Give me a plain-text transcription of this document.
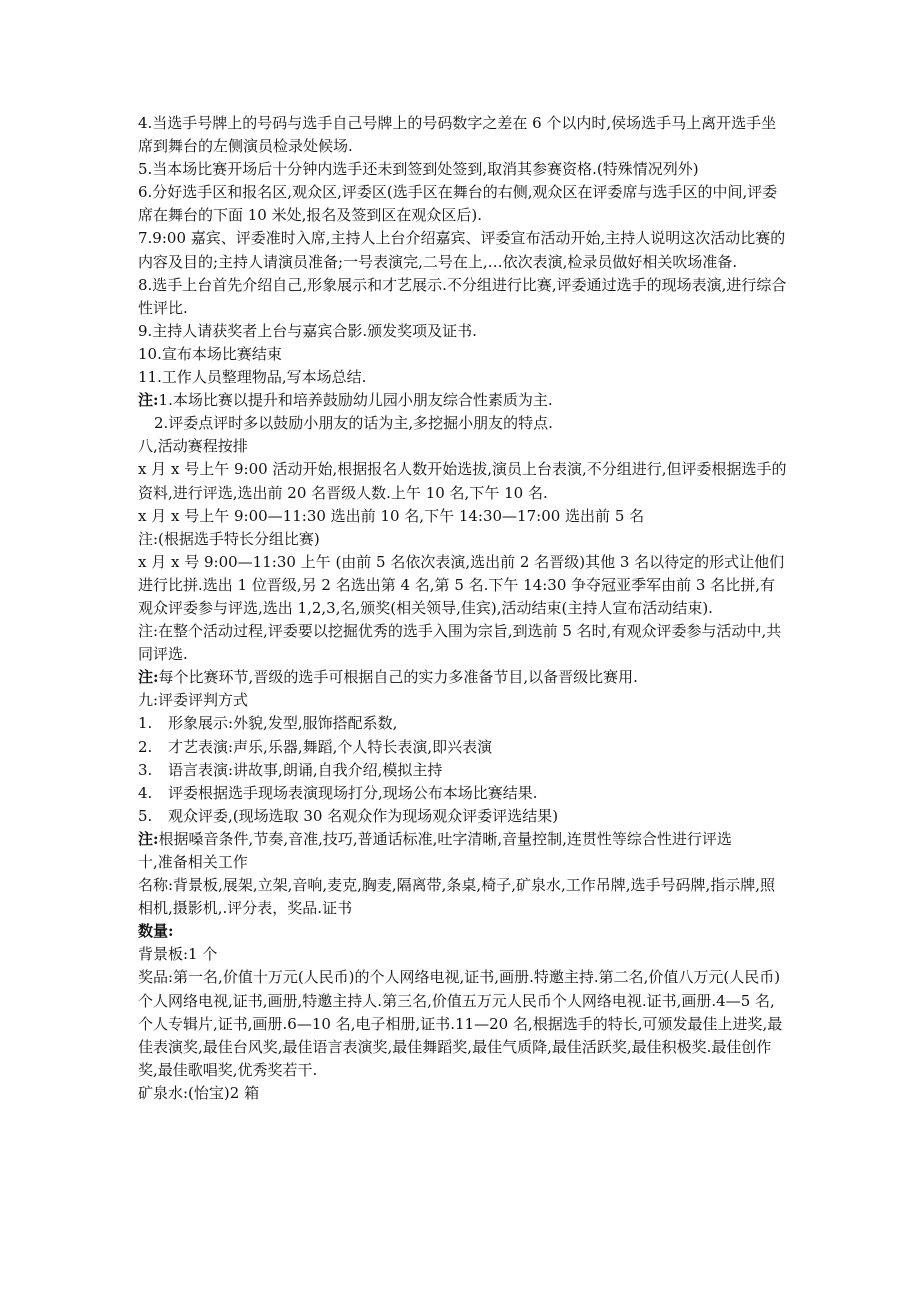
4.当选手号牌上的号码与选手自己号牌上的号码数字之差在 6 个以内时,侯场选手马上离开选手坐席到舞台的左侧演员检录处候场.

5.当本场比赛开场后十分钟内选手还未到签到处签到,取消其参赛资格.(特殊情况列外)

6.分好选手区和报名区,观众区,评委区(选手区在舞台的右侧,观众区在评委席与选手区的中间,评委席在舞台的下面 10 米处,报名及签到区在观众区后).

7.9:00 嘉宾、评委准时入席,主持人上台介绍嘉宾、评委宣布活动开始,主持人说明这次活动比赛的内容及目的;主持人请演员准备;一号表演完,二号在上,…依次表演,检录员做好相关吹场准备.

8.选手上台首先介绍自己,形象展示和才艺展示.不分组进行比赛,评委通过选手的现场表演,进行综合性评比.

9.主持人请获奖者上台与嘉宾合影.颁发奖项及证书.

10.宣布本场比赛结束

11.工作人员整理物品,写本场总结.

注:1.本场比赛以提升和培养鼓励幼儿园小朋友综合性素质为主.

2.评委点评时多以鼓励小朋友的话为主,多挖掘小朋友的特点.

八,活动赛程按排

x 月 x 号上午 9:00 活动开始,根据报名人数开始选拔,演员上台表演,不分组进行,但评委根据选手的资料,进行评选,选出前 20 名晋级人数.上午 10 名,下午 10 名.

x 月 x 号上午 9:00—11:30 选出前 10 名,下午 14:30—17:00 选出前 5 名

注:(根据选手特长分组比赛)

x 月 x 号 9:00—11:30 上午 (由前 5 名依次表演,选出前 2 名晋级)其他 3 名以待定的形式让他们进行比拼.选出 1 位晋级,另 2 名选出第 4 名,第 5 名.下午 14:30 争夺冠亚季军由前 3 名比拼,有观众评委参与评选,选出 1,2,3,名,颁奖(相关领导,佳宾),活动结束(主持人宣布活动结束).

注:在整个活动过程,评委要以挖掘优秀的选手入围为宗旨,到选前 5 名时,有观众评委参与活动中,共同评选.

注:每个比赛环节,晋级的选手可根据自己的实力多准备节目,以备晋级比赛用.

九:评委评判方式

1. 形象展示:外貌,发型,服饰搭配系数,

2. 才艺表演:声乐,乐器,舞蹈,个人特长表演,即兴表演

3. 语言表演:讲故事,朗诵,自我介绍,模拟主持

4. 评委根据选手现场表演现场打分,现场公布本场比赛结果.

5. 观众评委,(现场选取 30 名观众作为现场观众评委评选结果)

注:根据嗓音条件,节奏,音准,技巧,普通话标准,吐字清晰,音量控制,连贯性等综合性进行评选

十,准备相关工作

名称:背景板,展架,立架,音响,麦克,胸麦,隔离带,条桌,椅子,矿泉水,工作吊牌,选手号码牌,指示牌,照相机,摄影机,.评分表，奖品.证书

数量:

背景板:1 个

奖品:第一名,价值十万元(人民币)的个人网络电视,证书,画册.特邀主持.第二名,价值八万元(人民币)个人网络电视,证书,画册,特邀主持人.第三名,价值五万元人民币个人网络电视.证书,画册.4—5 名,个人专辑片,证书,画册.6—10 名,电子相册,证书.11—20 名,根据选手的特长,可颁发最佳上进奖,最佳表演奖,最佳台风奖,最佳语言表演奖,最佳舞蹈奖,最佳气质降,最佳活跃奖,最佳积极奖.最佳创作奖,最佳歌唱奖,优秀奖若干.

矿泉水:(怡宝)2 箱
